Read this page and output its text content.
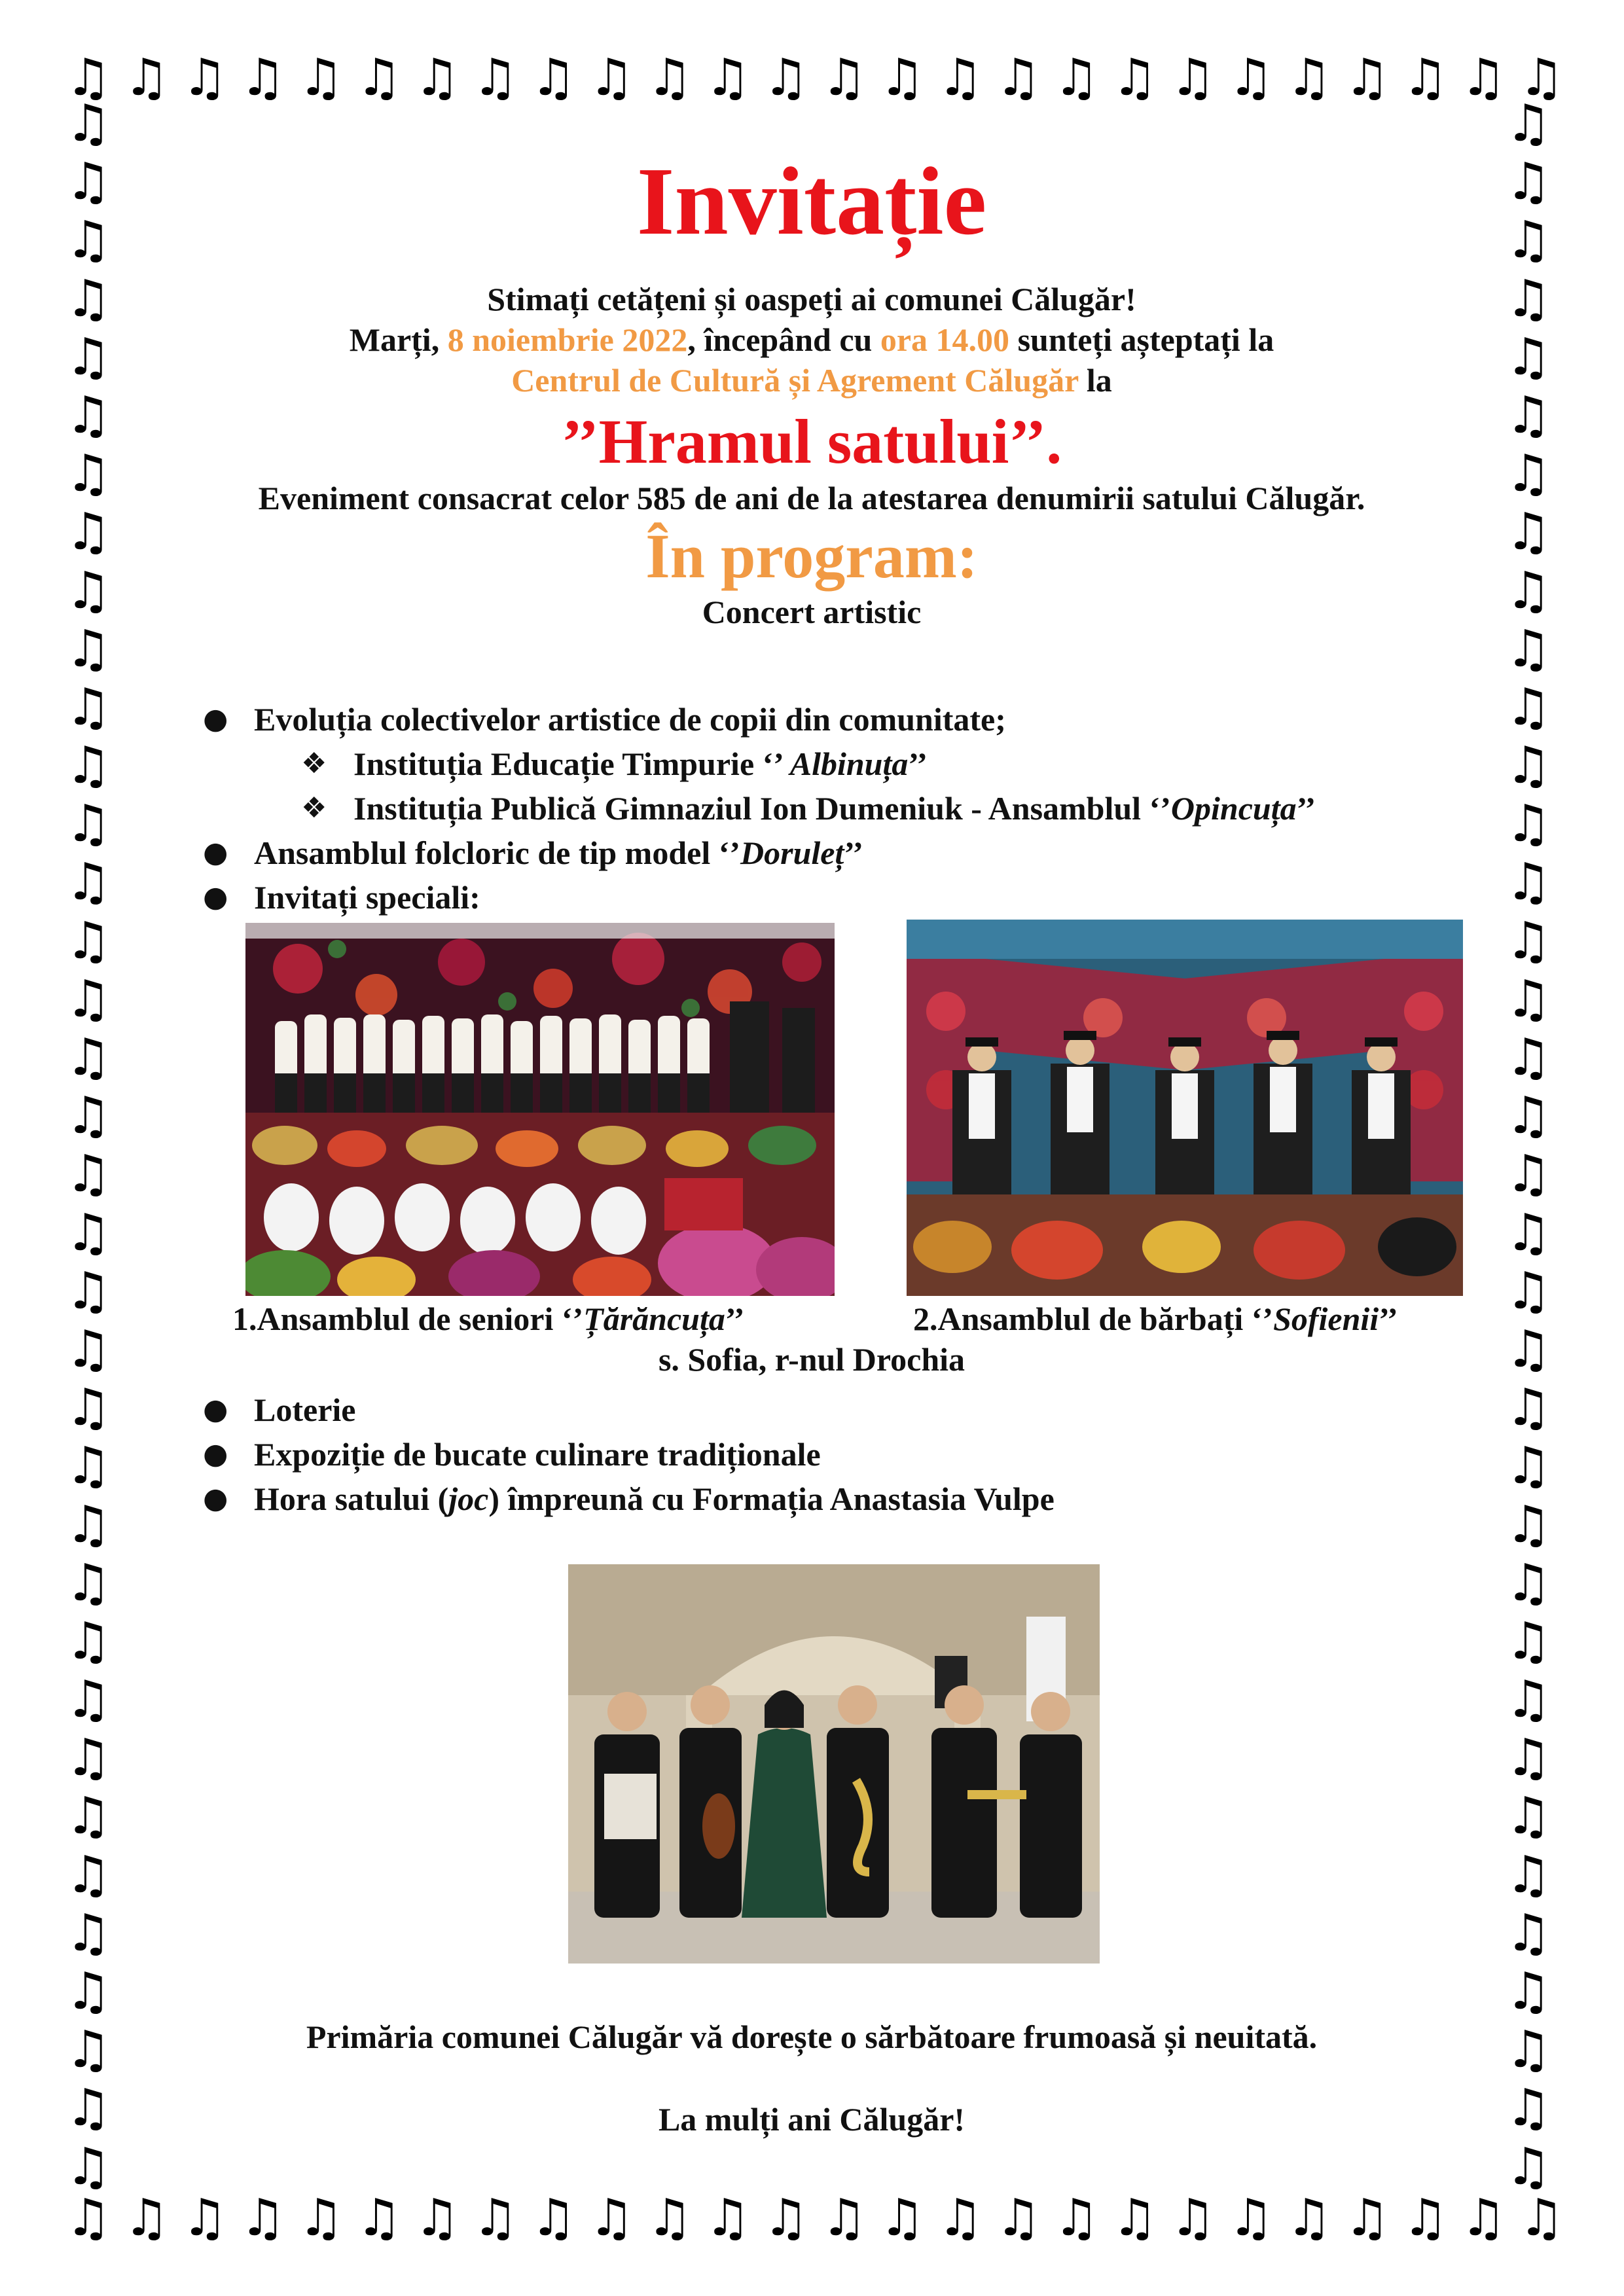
♫ ♫ ♫ ♫ ♫ ♫ ♫ ♫ ♫ ♫ ♫ ♫ ♫ ♫ ♫ ♫ ♫ ♫ ♫ ♫ ♫ ♫ ♫ ♫ ♫ ♫
♫ ♫ ♫ ♫ ♫ ♫ ♫ ♫ ♫ ♫ ♫ ♫ ♫ ♫ ♫ ♫ ♫ ♫ ♫ ♫ ♫ ♫ ♫ ♫ ♫ ♫
♫
♫
♫
♫
♫
♫
♫
♫
♫
♫
♫
♫
♫
♫
♫
♫
♫
♫
♫
♫
♫
♫
♫
♫
♫
♫
♫
♫
♫
♫
♫
♫
♫
♫
♫
♫
♫
♫
♫
♫
♫
♫
♫
♫
♫
♫
♫
♫
♫
♫
♫
♫
♫
♫
♫
♫
♫
♫
♫
♫
♫
♫
♫
♫
♫
♫
♫
♫
♫
♫
♫
♫
Invitație

Stimați cetățeni și oaspeți ai comunei Călugăr!

Marți, 8 noiembrie 2022, începând cu ora 14.00 sunteți așteptați la

Centrul de Cultură și Agrement Călugăr la

’’Hramul satului’’.

Eveniment consacrat celor 585 de ani de la atestarea denumirii satului Călugăr.

În program:

Concert artistic

● Evoluția colectivelor artistice de copii din comunitate;
❖ Instituția Educație Timpurie ‘’ Albinuța’’
❖ Instituția Publică Gimnaziul Ion Dumeniuk - Ansamblul ‘’Opincuța’’
● Ansamblul folcloric de tip model ‘’Doruleț’’
● Invitați speciali:
1.Ansamblul de seniori ‘’Țărăncuța’’	2.Ansamblul de bărbați ‘’Sofienii’’
s. Sofia, r-nul Drochia
● Loterie
● Expoziție de bucate culinare tradiționale
● Hora satului (joc) împreună cu Formația Anastasia Vulpe
Primăria comunei Călugăr vă dorește o sărbătoare frumoasă și neuitată.
La mulți ani Călugăr!
